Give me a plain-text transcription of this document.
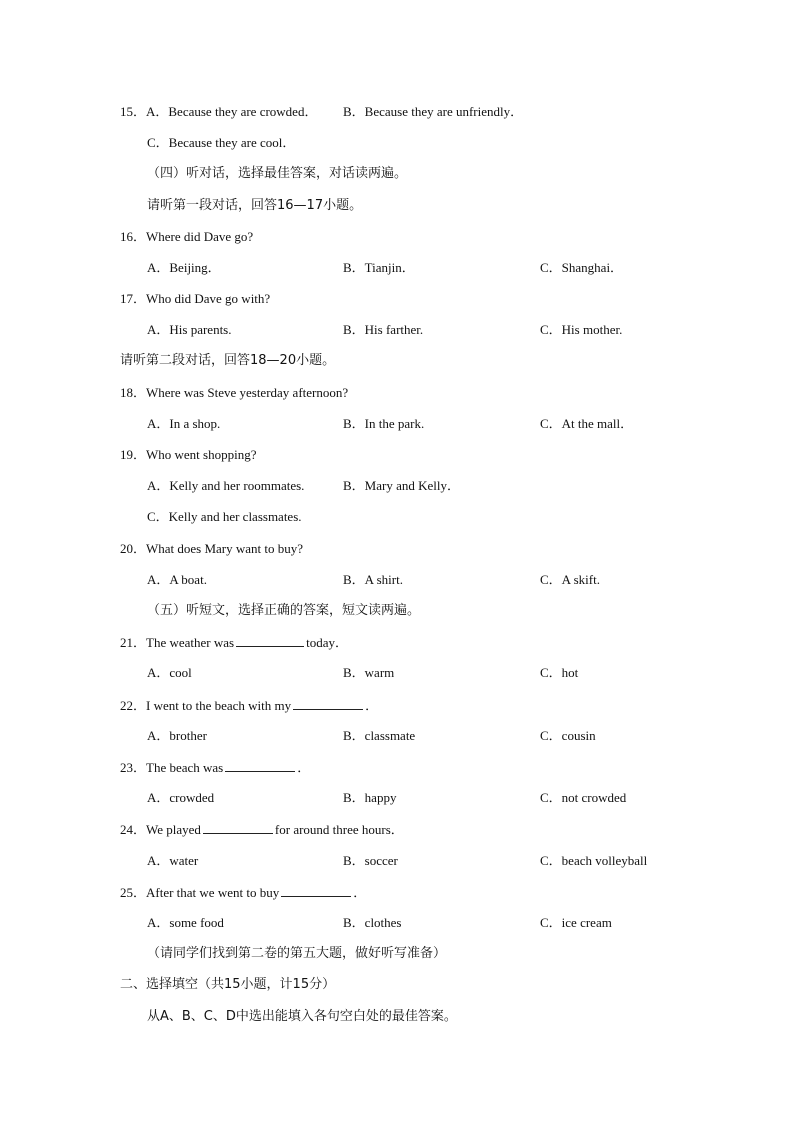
15．A．Because they are crowded． B．Because they are unfriendly．
C．Because they are cool．
（四）听对话，选择最佳答案，对话读两遍。
请听第一段对话，回答16—17小题。
16．Where did Dave go?
A．Beijing．	B．Tianjin．	C．Shanghai．
17．Who did Dave go with?
A．His parents.	B．His farther.	C．His mother.
请听第二段对话，回答18—20小题。
18．Where was Steve yesterday afternoon?
A．In a shop.	B．In the park.	C．At the mall．
19．Who went shopping?
A．Kelly and her roommates.	B．Mary and Kelly．
C．Kelly and her classmates.
20．What does Mary want to buy?
A．A boat.	B．A shirt.	C．A skift.
（五）听短文，选择正确的答案，短文读两遍。
21．The weather was	today．
A．cool	B．warm	C．hot
22．I went to the beach with my	．
A．brother	B．classmate	C．cousin
23．The beach was	．
A．crowded	B．happy	C．not crowded
24．We played	for around three hours．
A．water	B．soccer	C．beach volleyball
25．After that we went to buy	．
A．some food	B．clothes	C．ice cream
（请同学们找到第二卷的第五大题，做好听写准备）
二、选择填空（共15小题，计15分）
从A、B、C、D中选出能填入各句空白处的最佳答案。
